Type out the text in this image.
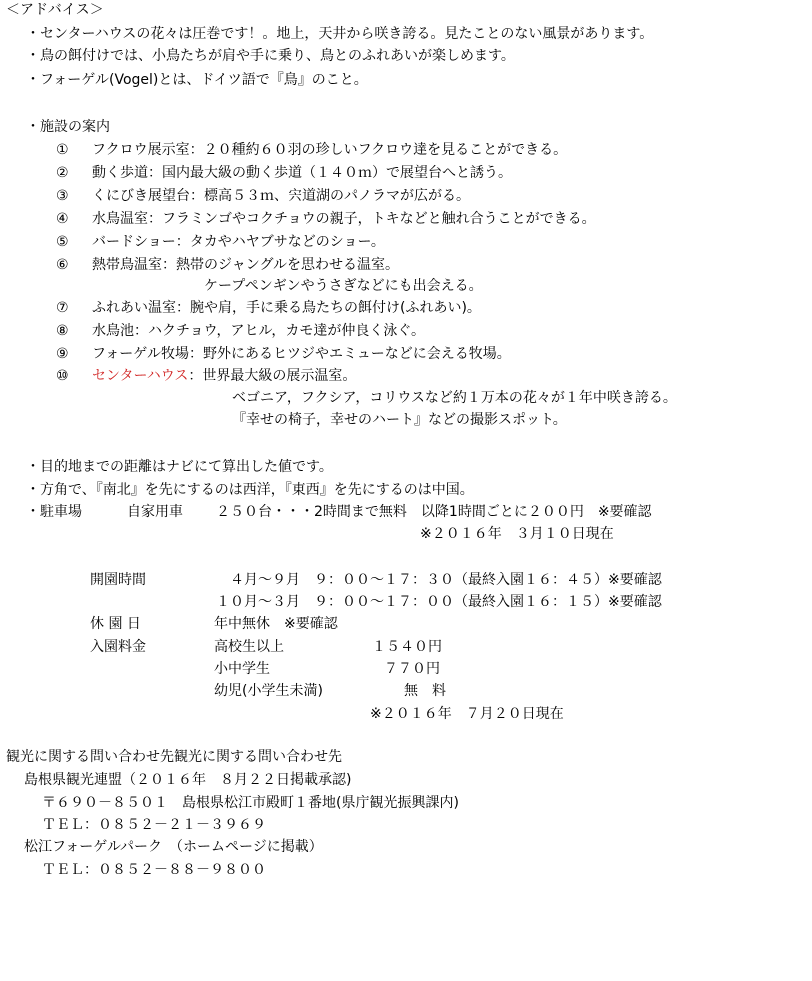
＜アドバイス＞
・センターハウスの花々は圧巻です！。地上，天井から咲き誇る。見たことのない風景があります。
・鳥の餌付けでは、小鳥たちが肩や手に乗り、鳥とのふれあいが楽しめます。
・フォーゲル(Vogel)とは、ドイツ語で『鳥』のこと。
・施設の案内
① フクロウ展示室：２０種約６０羽の珍しいフクロウ達を見ることができる。
② 動く歩道：国内最大級の動く歩道（１４０ｍ）で展望台へと誘う。
③ くにびき展望台：標高５３ｍ、宍道湖のパノラマが広がる。
④ 水鳥温室：フラミンゴやコクチョウの親子，トキなどと触れ合うことができる。
⑤ バードショー：タカやハヤブサなどのショー。
⑥ 熱帯鳥温室：熱帯のジャングルを思わせる温室。
ケープペンギンやうさぎなどにも出会える。
⑦ ふれあい温室：腕や肩，手に乗る鳥たちの餌付け(ふれあい)。
⑧ 水鳥池：ハクチョウ，アヒル，カモ達が仲良く泳ぐ。
⑨ フォーゲル牧場：野外にあるヒツジやエミューなどに会える牧場。
⑩ センターハウス：世界最大級の展示温室。
ベゴニア，フクシア，コリウスなど約１万本の花々が１年中咲き誇る。
『幸せの椅子，幸せのハート』などの撮影スポット。
・目的地までの距離はナビにて算出した値です。
・方角で、『南北』を先にするのは西洋，『東西』を先にするのは中国。
・駐車場	自家用車 ２５０台・・・2時間まで無料　以降1時間ごとに２００円　※要確認
※２０１６年　３月１０日現在
開園時間	４月～９月　９：００～１７：３０（最終入園１６：４５）※要確認
１０月～３月　９：００～１７：００（最終入園１６：１５）※要確認
休 園 日	年中無休　※要確認
入園料金	高校生以上	１５４０円
小中学生	７７０円
幼児(小学生未満)	無　料
※２０１６年　７月２０日現在
観光に関する問い合わせ先観光に関する問い合わせ先
島根県観光連盟（２０１６年　８月２２日掲載承認)
〒６９０－８５０１　島根県松江市殿町１番地(県庁観光振興課内)
ＴＥＬ：０８５２－２１－３９６９
松江フォーゲルパーク　（ホームページに掲載）
ＴＥＬ：０８５２－８８－９８００
